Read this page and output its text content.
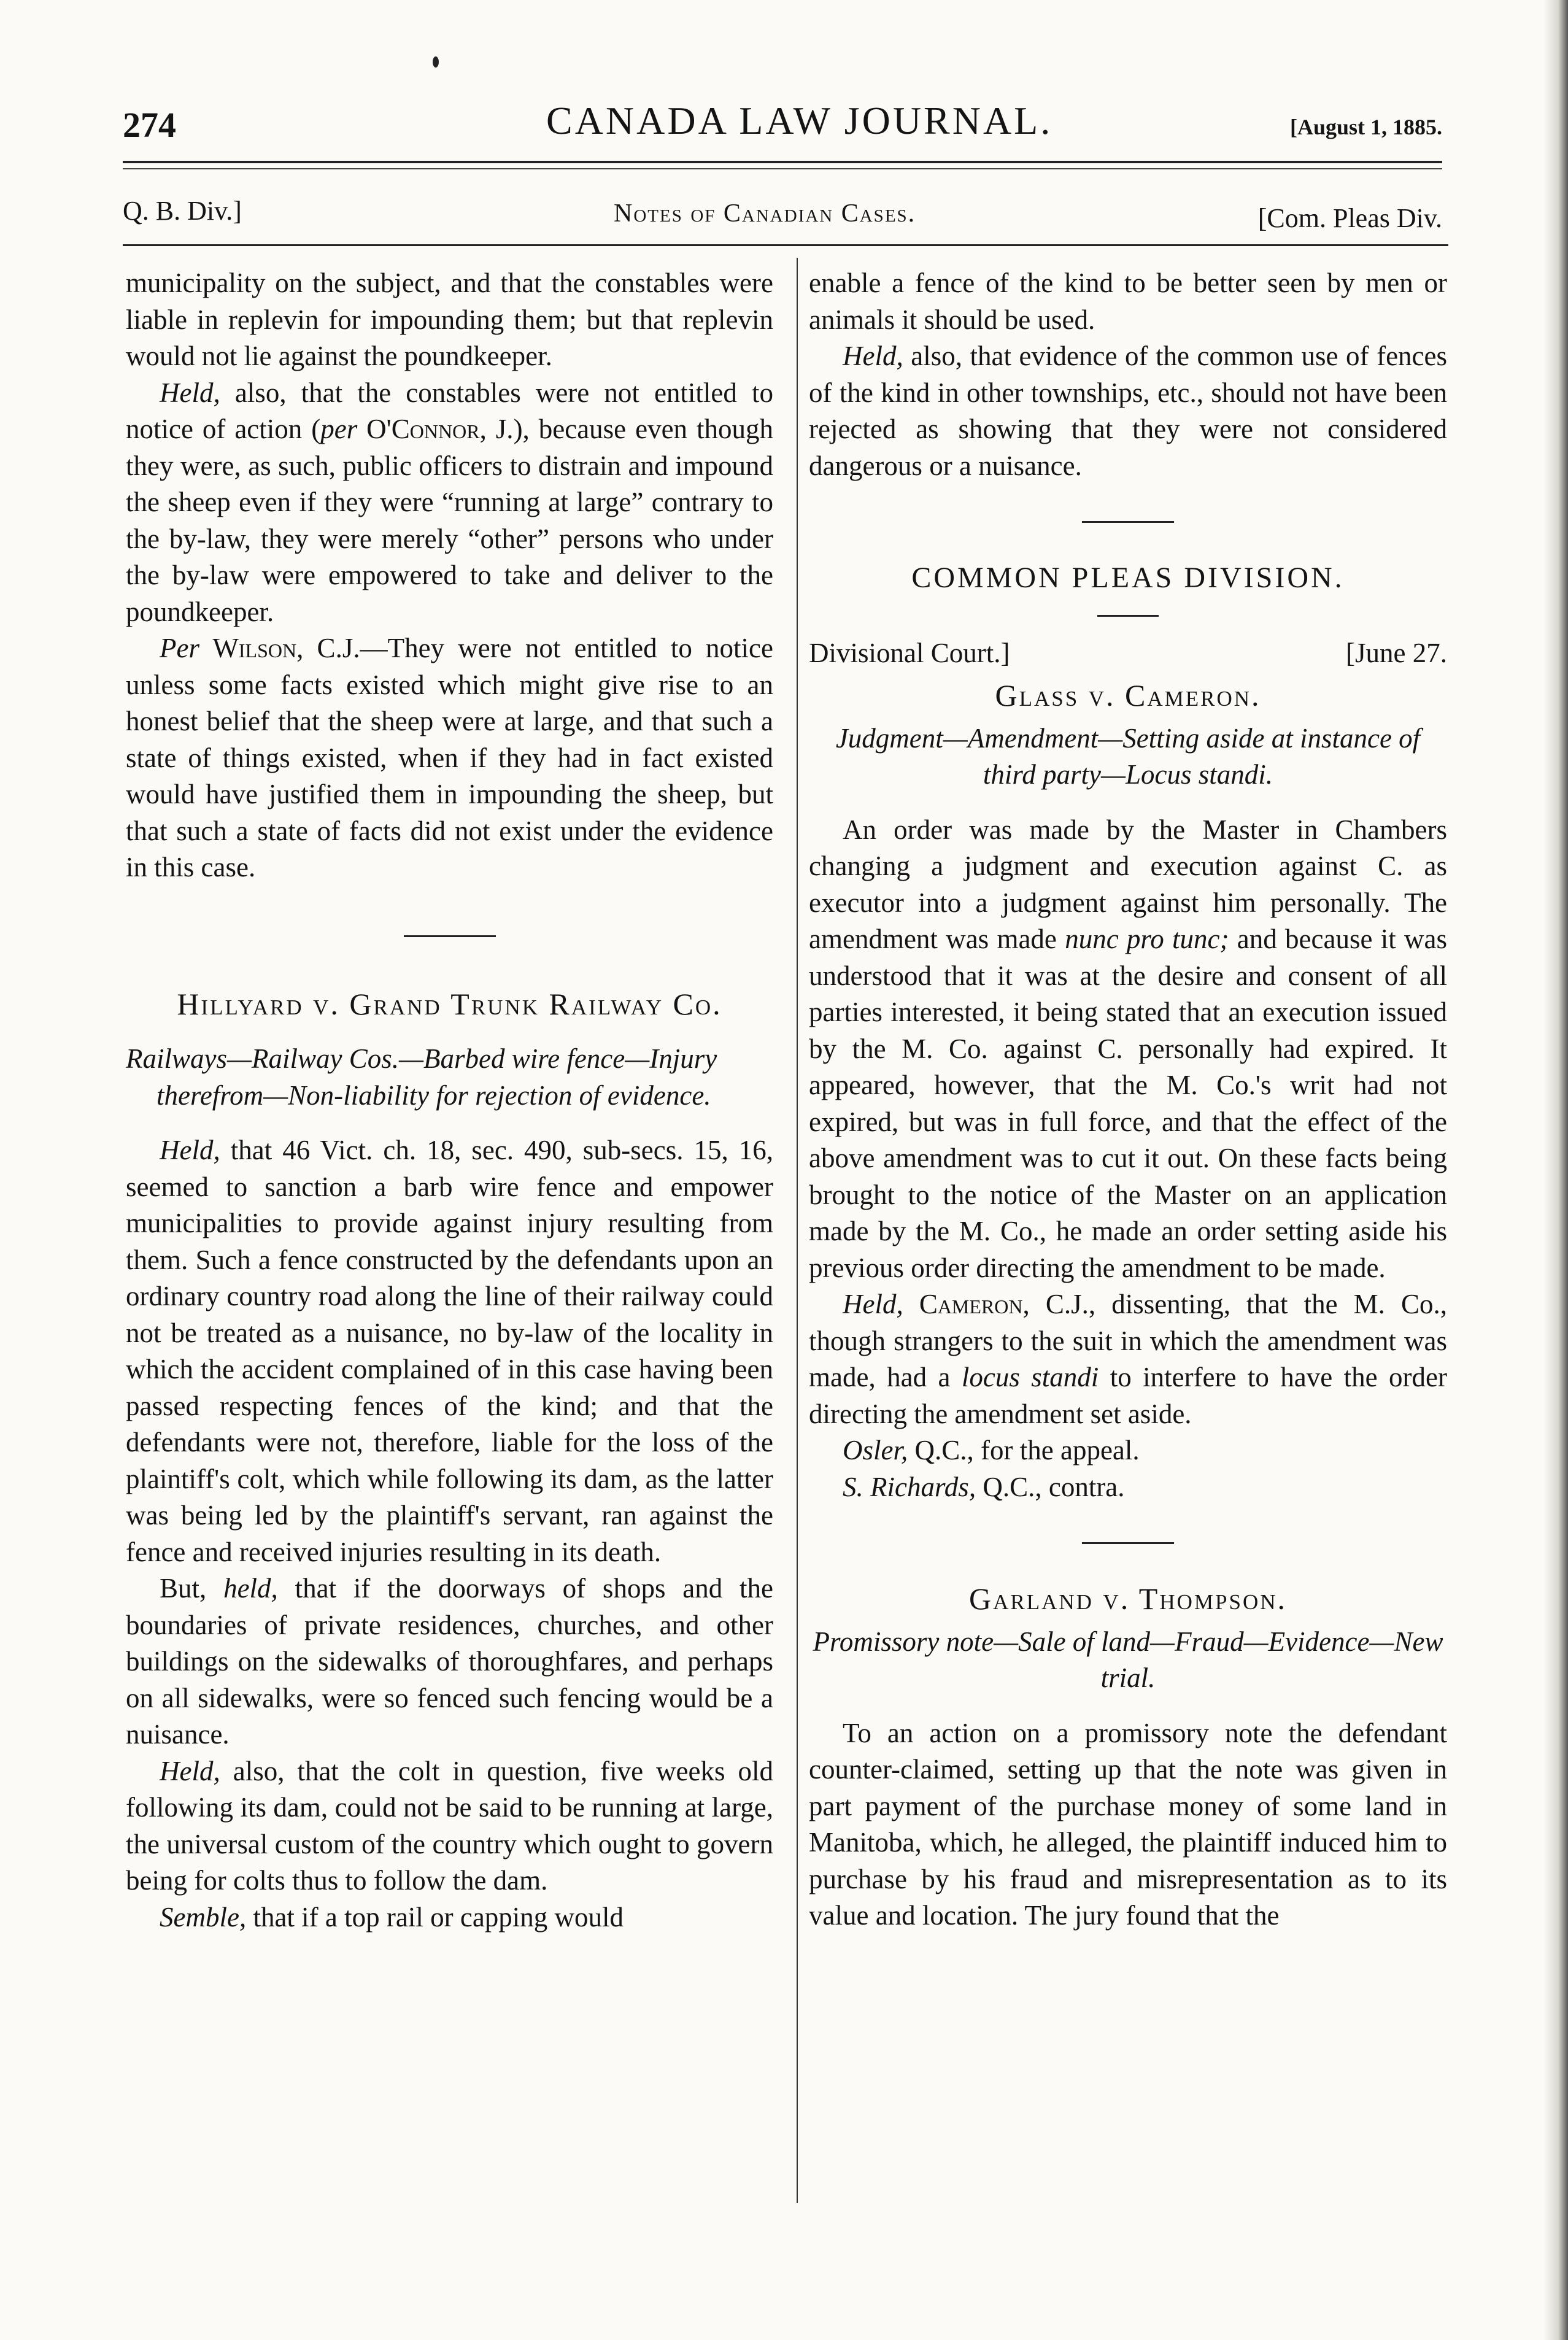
274	CANADA LAW JOURNAL.	[August 1, 1885.
Q. B. Div.]	Notes of Canadian Cases.	[Com. Pleas Div.

municipality on the subject, and that the constables were liable in replevin for impounding them; but that replevin would not lie against the poundkeeper.

Held, also, that the constables were not entitled to notice of action (per O'Connor, J.), because even though they were, as such, public officers to distrain and impound the sheep even if they were “running at large” contrary to the by-law, they were merely “other” persons who under the by-law were empowered to take and deliver to the poundkeeper.

Per Wilson, C.J.—They were not entitled to notice unless some facts existed which might give rise to an honest belief that the sheep were at large, and that such a state of things existed, when if they had in fact existed would have justified them in impounding the sheep, but that such a state of facts did not exist under the evidence in this case.

Hillyard v. Grand Trunk Railway Co.

Railways—Railway Cos.—Barbed wire fence—Injury therefrom—Non-liability for rejection of evidence.

Held, that 46 Vict. ch. 18, sec. 490, sub-secs. 15, 16, seemed to sanction a barb wire fence and empower municipalities to provide against injury resulting from them. Such a fence constructed by the defendants upon an ordinary country road along the line of their railway could not be treated as a nuisance, no by-law of the locality in which the accident complained of in this case having been passed respecting fences of the kind; and that the defendants were not, therefore, liable for the loss of the plaintiff's colt, which while following its dam, as the latter was being led by the plaintiff's servant, ran against the fence and received injuries resulting in its death.

But, held, that if the doorways of shops and the boundaries of private residences, churches, and other buildings on the sidewalks of thoroughfares, and perhaps on all sidewalks, were so fenced such fencing would be a nuisance.

Held, also, that the colt in question, five weeks old following its dam, could not be said to be running at large, the universal custom of the country which ought to govern being for colts thus to follow the dam.

Semble, that if a top rail or capping would

enable a fence of the kind to be better seen by men or animals it should be used.

Held, also, that evidence of the common use of fences of the kind in other townships, etc., should not have been rejected as showing that they were not considered dangerous or a nuisance.

COMMON PLEAS DIVISION.

Divisional Court.]	[June 27.

Glass v. Cameron.

Judgment—Amendment—Setting aside at instance of third party—Locus standi.

An order was made by the Master in Chambers changing a judgment and execution against C. as executor into a judgment against him personally. The amendment was made nunc pro tunc; and because it was understood that it was at the desire and consent of all parties interested, it being stated that an execution issued by the M. Co. against C. personally had expired. It appeared, however, that the M. Co.'s writ had not expired, but was in full force, and that the effect of the above amendment was to cut it out. On these facts being brought to the notice of the Master on an application made by the M. Co., he made an order setting aside his previous order directing the amendment to be made.

Held, Cameron, C.J., dissenting, that the M. Co., though strangers to the suit in which the amendment was made, had a locus standi to interfere to have the order directing the amendment set aside.

Osler, Q.C., for the appeal.

S. Richards, Q.C., contra.

Garland v. Thompson.

Promissory note—Sale of land—Fraud—Evidence—New trial.

To an action on a promissory note the defendant counter-claimed, setting up that the note was given in part payment of the purchase money of some land in Manitoba, which, he alleged, the plaintiff induced him to purchase by his fraud and misrepresentation as to its value and location. The jury found that the
